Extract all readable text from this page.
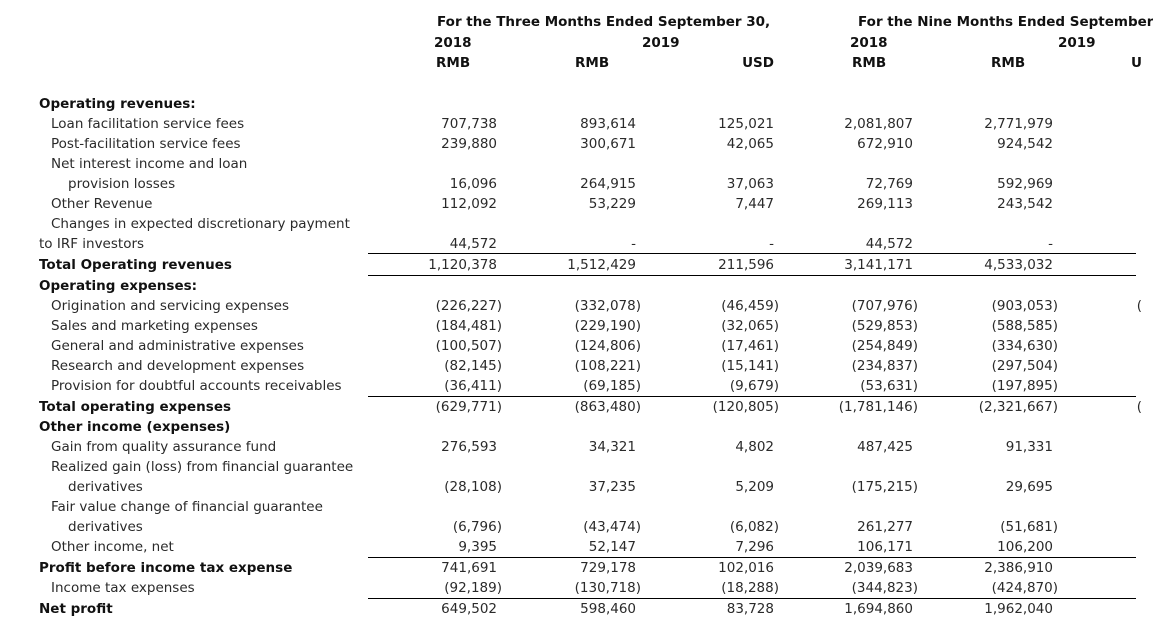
For the Three Months Ended September 30,	For the Nine Months Ended September
2018	2019	2018	2019
RMB	RMB	USD	RMB	RMB	U
Operating revenues:
Loan facilitation service fees	707,738	893,614	125,021	2,081,807	2,771,979
Post-facilitation service fees	239,880	300,671	42,065	672,910	924,542
Net interest income and loan
provision losses	16,096	264,915	37,063	72,769	592,969
Other Revenue	112,092	53,229	7,447	269,113	243,542
Changes in expected discretionary payment
to IRF investors	44,572	-	-	44,572	-
Total Operating revenues	1,120,378	1,512,429	211,596	3,141,171	4,533,032
Operating expenses:
Origination and servicing expenses	(226,227)	(332,078)	(46,459)	(707,976)	(903,053)	(
Sales and marketing expenses	(184,481)	(229,190)	(32,065)	(529,853)	(588,585)
General and administrative expenses	(100,507)	(124,806)	(17,461)	(254,849)	(334,630)
Research and development expenses	(82,145)	(108,221)	(15,141)	(234,837)	(297,504)
Provision for doubtful accounts receivables	(36,411)	(69,185)	(9,679)	(53,631)	(197,895)
Total operating expenses	(629,771)	(863,480)	(120,805)	(1,781,146)	(2,321,667)	(
Other income (expenses)
Gain from quality assurance fund	276,593	34,321	4,802	487,425	91,331
Realized gain (loss) from financial guarantee
derivatives	(28,108)	37,235	5,209	(175,215)	29,695
Fair value change of financial guarantee
derivatives	(6,796)	(43,474)	(6,082)	261,277	(51,681)
Other income, net	9,395	52,147	7,296	106,171	106,200
Profit before income tax expense	741,691	729,178	102,016	2,039,683	2,386,910
Income tax expenses	(92,189)	(130,718)	(18,288)	(344,823)	(424,870)
Net profit	649,502	598,460	83,728	1,694,860	1,962,040
